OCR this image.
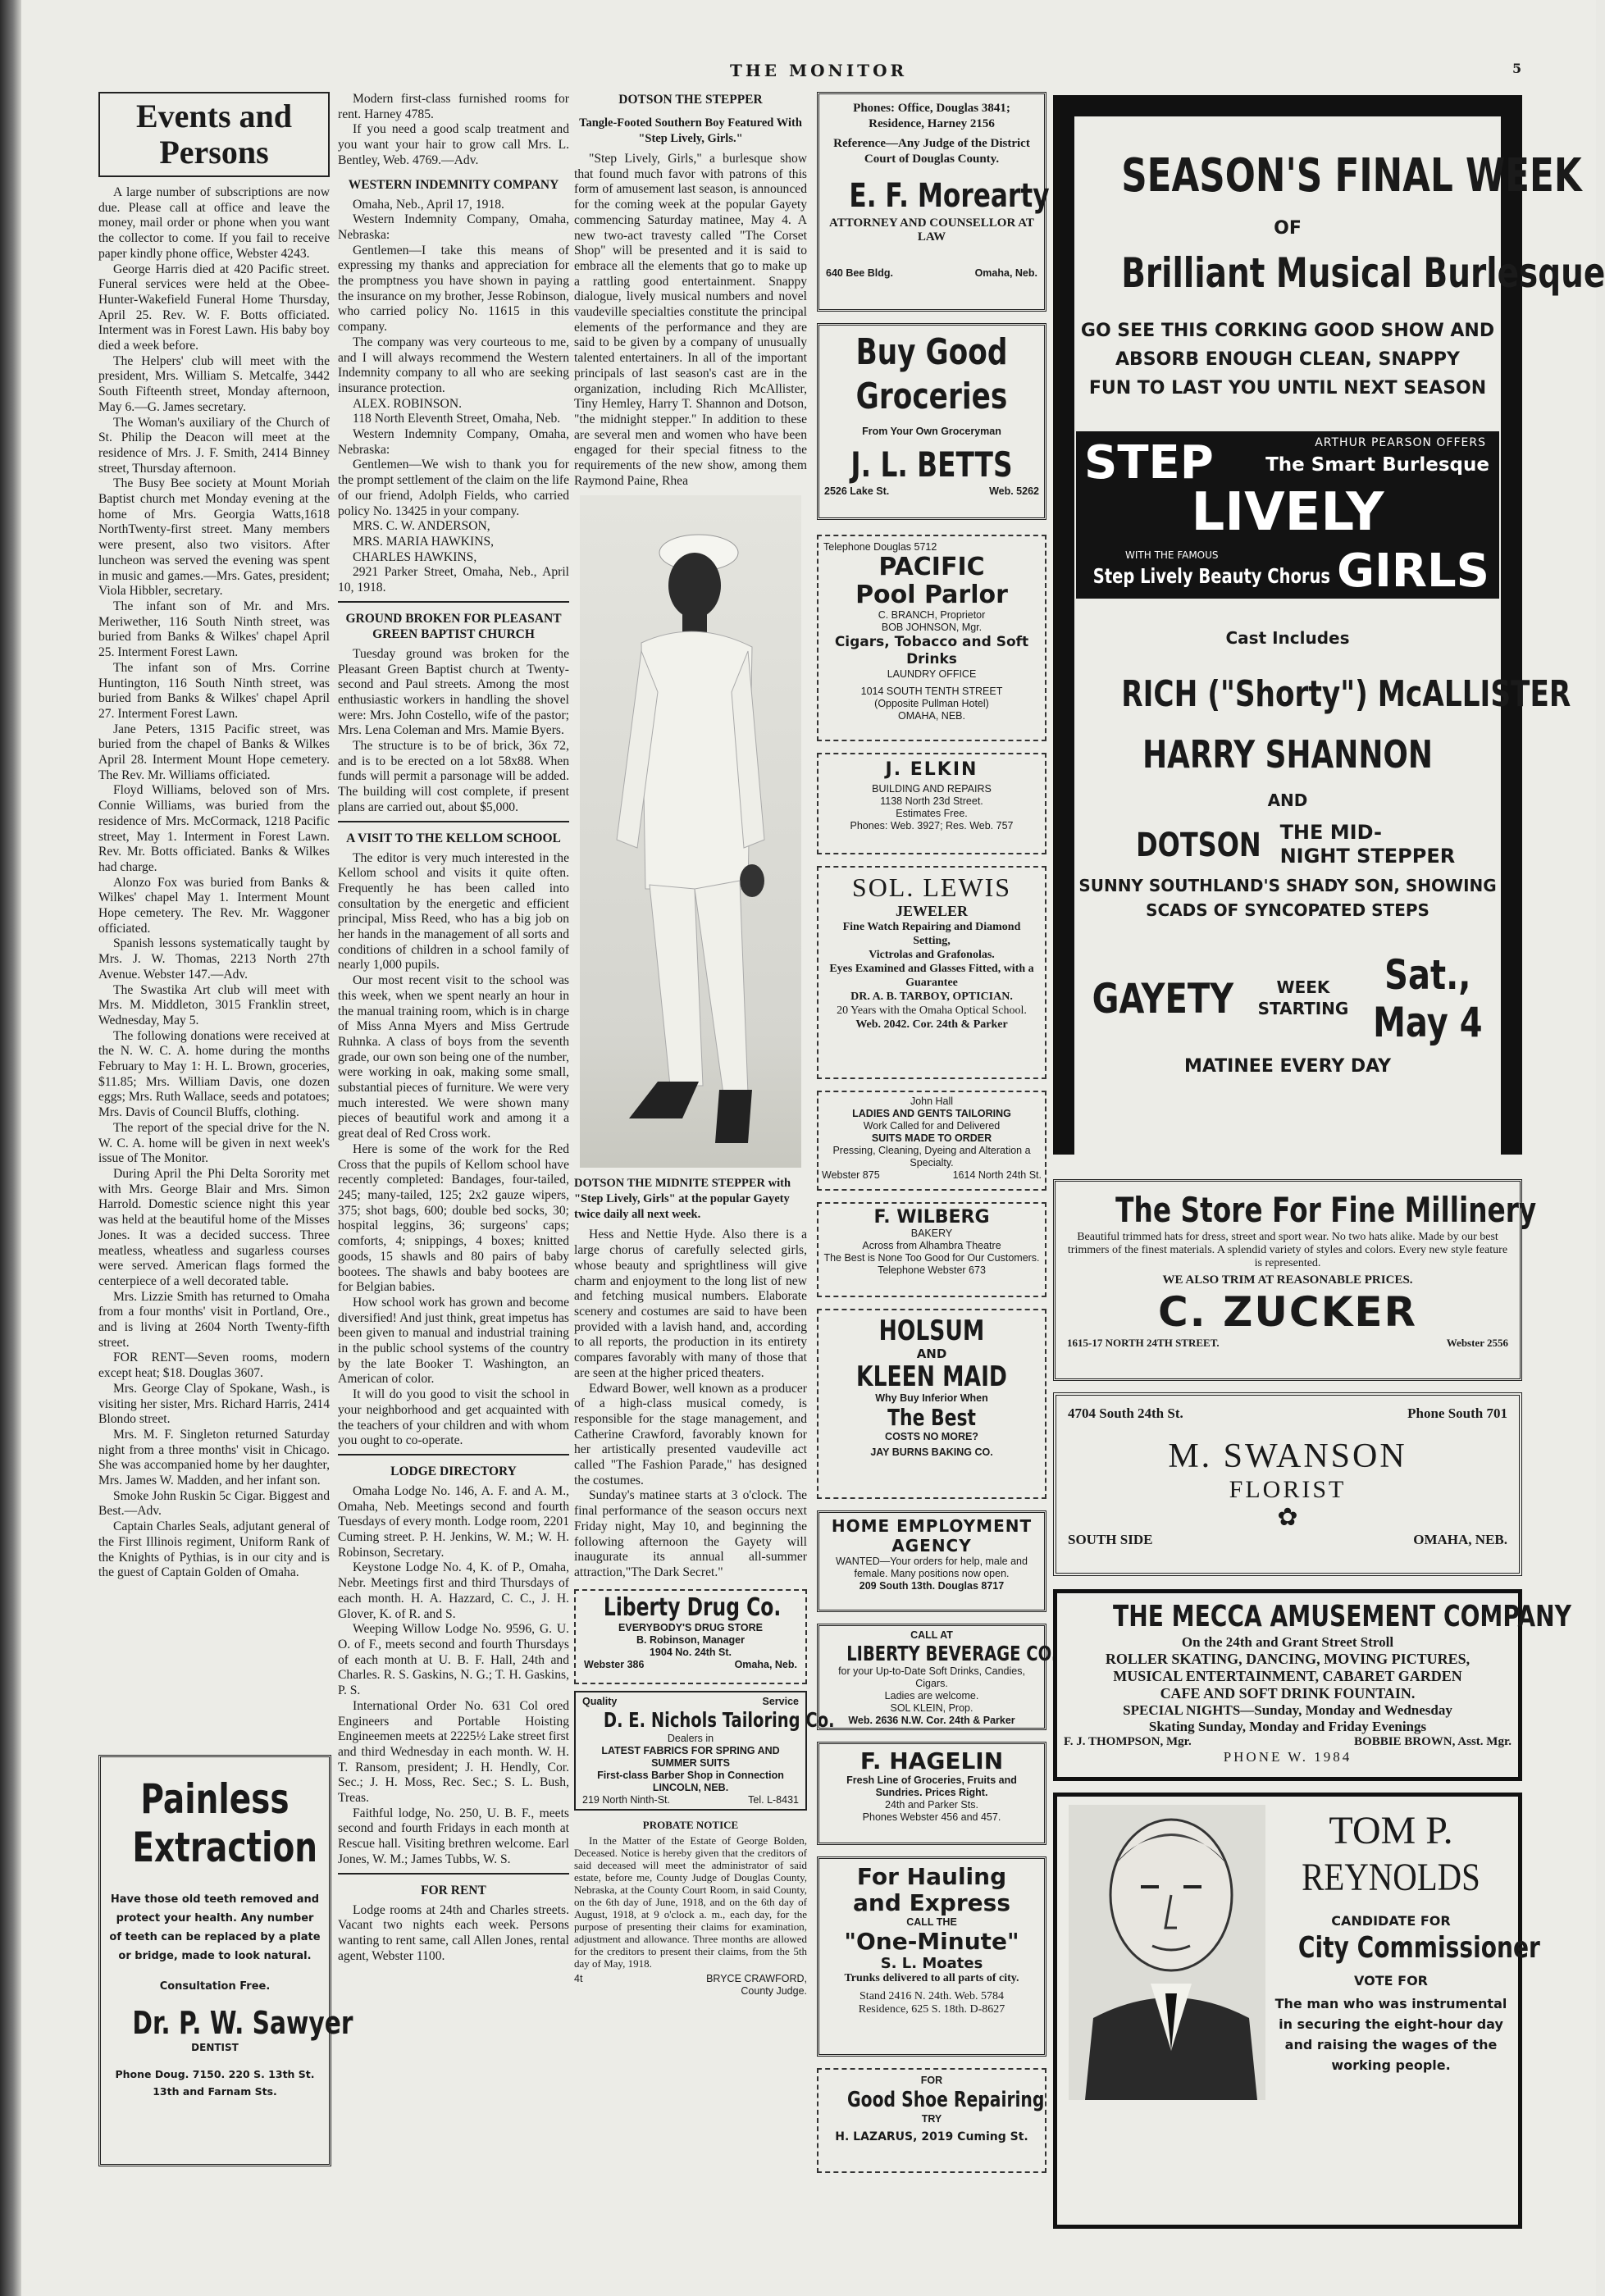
THE MONITOR	5
Events and Persons

A large number of subscriptions are now due. Please call at office and leave the money, mail order or phone when you want the collector to come. If you fail to receive paper kindly phone office, Webster 4243.

George Harris died at 420 Pacific street. Funeral services were held at the Obee-Hunter-Wakefield Funeral Home Thursday, April 25. Rev. W. F. Botts officiated. Interment was in Forest Lawn. His baby boy died a week before.

The Helpers' club will meet with the president, Mrs. William S. Metcalfe, 3442 South Fifteenth street, Monday afternoon, May 6.—G. James secretary.

The Woman's auxiliary of the Church of St. Philip the Deacon will meet at the residence of Mrs. J. F. Smith, 2414 Binney street, Thursday afternoon.

The Busy Bee society at Mount Moriah Baptist church met Monday evening at the home of Mrs. Georgia Watts,1618 NorthTwenty-first street. Many members were present, also two visitors. After luncheon was served the evening was spent in music and games.—Mrs. Gates, president; Viola Hibbler, secretary.

The infant son of Mr. and Mrs. Meriwether, 116 South Ninth street, was buried from Banks & Wilkes' chapel April 25. Interment Forest Lawn.

The infant son of Mrs. Corrine Huntington, 116 South Ninth street, was buried from Banks & Wilkes' chapel April 27. Interment Forest Lawn.

Jane Peters, 1315 Pacific street, was buried from the chapel of Banks & Wilkes April 28. Interment Mount Hope cemetery. The Rev. Mr. Williams officiated.

Floyd Williams, beloved son of Mrs. Connie Williams, was buried from the residence of Mrs. McCormack, 1218 Pacific street, May 1. Interment in Forest Lawn. Rev. Mr. Botts officiated. Banks & Wilkes had charge.

Alonzo Fox was buried from Banks & Wilkes' chapel May 1. Interment Mount Hope cemetery. The Rev. Mr. Waggoner officiated.

Spanish lessons systematically taught by Mrs. J. W. Thomas, 2213 North 27th Avenue. Webster 147.—Adv.

The Swastika Art club will meet with Mrs. M. Middleton, 3015 Franklin street, Wednesday, May 5.

The following donations were received at the N. W. C. A. home during the months February to May 1: H. L. Brown, groceries, $11.85; Mrs. William Davis, one dozen eggs; Mrs. Ruth Wallace, seeds and potatoes; Mrs. Davis of Council Bluffs, clothing.

The report of the special drive for the N. W. C. A. home will be given in next week's issue of The Monitor.

During April the Phi Delta Sorority met with Mrs. George Blair and Mrs. Simon Harrold. Domestic science night this year was held at the beautiful home of the Misses Jones. It was a decided success. Three meatless, wheatless and sugarless courses were served. American flags formed the centerpiece of a well decorated table.

Mrs. Lizzie Smith has returned to Omaha from a four months' visit in Portland, Ore., and is living at 2604 North Twenty-fifth street.

FOR RENT—Seven rooms, modern except heat; $18. Douglas 3607.

Mrs. George Clay of Spokane, Wash., is visiting her sister, Mrs. Richard Harris, 2414 Blondo street.

Mrs. M. F. Singleton returned Saturday night from a three months' visit in Chicago. She was accompanied home by her daughter, Mrs. James W. Madden, and her infant son.

Smoke John Ruskin 5c Cigar. Biggest and Best.—Adv.

Captain Charles Seals, adjutant general of the First Illinois regiment, Uniform Rank of the Knights of Pythias, is in our city and is the guest of Captain Golden of Omaha.

Painless
Extraction
Have those old teeth removed and protect your health. Any number of teeth can be replaced by a plate or bridge, made to look natural.
Consultation Free.
Dr. P. W. Sawyer
DENTIST
Phone Doug. 7150. 220 S. 13th St.
13th and Farnam Sts.

Modern first-class furnished rooms for rent. Harney 4785.

If you need a good scalp treatment and you want your hair to grow call Mrs. L. Bentley, Web. 4769.—Adv.

WESTERN INDEMNITY COMPANY

Omaha, Neb., April 17, 1918.

Western Indemnity Company, Omaha, Nebraska:

Gentlemen—I take this means of expressing my thanks and appreciation for the promptness you have shown in paying the insurance on my brother, Jesse Robinson, who carried policy No. 11615 in this company.

The company was very courteous to me, and I will always recommend the Western Indemnity company to all who are seeking insurance protection.

ALEX. ROBINSON.

118 North Eleventh Street, Omaha, Neb.

Western Indemnity Company, Omaha, Nebraska:

Gentlemen—We wish to thank you for the prompt settlement of the claim on the life of our friend, Adolph Fields, who carried policy No. 13425 in your company.

MRS. C. W. ANDERSON,

MRS. MARIA HAWKINS,

CHARLES HAWKINS,

2921 Parker Street, Omaha, Neb., April 10, 1918.

GROUND BROKEN FOR PLEASANT GREEN BAPTIST CHURCH

Tuesday ground was broken for the Pleasant Green Baptist church at Twenty-second and Paul streets. Among the most enthusiastic workers in handling the shovel were: Mrs. John Costello, wife of the pastor; Mrs. Lena Coleman and Mrs. Mamie Byers.

The structure is to be of brick, 36x 72, and is to be erected on a lot 58x88. When funds will permit a parsonage will be added. The building will cost complete, if present plans are carried out, about $5,000.

A VISIT TO THE KELLOM SCHOOL

The editor is very much interested in the Kellom school and visits it quite often. Frequently he has been called into consultation by the energetic and efficient principal, Miss Reed, who has a big job on her hands in the management of all sorts and conditions of children in a school family of nearly 1,000 pupils.

Our most recent visit to the school was this week, when we spent nearly an hour in the manual training room, which is in charge of Miss Anna Myers and Miss Gertrude Ruhnka. A class of boys from the seventh grade, our own son being one of the number, were working in oak, making some small, substantial pieces of furniture. We were very much interested. We were shown many pieces of beautiful work and among it a great deal of Red Cross work.

Here is some of the work for the Red Cross that the pupils of Kellom school have recently completed: Bandages, four-tailed, 245; many-tailed, 125; 2x2 gauze wipers, 375; shot bags, 600; double bed socks, 30; hospital leggins, 36; surgeons' caps; comforts, 4; snippings, 4 boxes; knitted goods, 15 shawls and 80 pairs of baby bootees. The shawls and baby bootees are for Belgian babies.

How school work has grown and become diversified! And just think, great impetus has been given to manual and industrial training in the public school systems of the country by the late Booker T. Washington, an American of color.

It will do you good to visit the school in your neighborhood and get acquainted with the teachers of your children and with whom you ought to co-operate.

LODGE DIRECTORY

Omaha Lodge No. 146, A. F. and A. M., Omaha, Neb. Meetings second and fourth Tuesdays of every month. Lodge room, 2201 Cuming street. P. H. Jenkins, W. M.; W. H. Robinson, Secretary.

Keystone Lodge No. 4, K. of P., Omaha, Nebr. Meetings first and third Thursdays of each month. H. A. Hazzard, C. C., J. H. Glover, K. of R. and S.

Weeping Willow Lodge No. 9596, G. U. O. of F., meets second and fourth Thursdays of each month at U. B. F. Hall, 24th and Charles. R. S. Gaskins, N. G.; T. H. Gaskins, P. S.

International Order No. 631 Col ored Engineers and Portable Hoisting Engineemen meets at 2225½ Lake street first and third Wednesday in each month. W. H. T. Ransom, president; J. H. Hendly, Cor. Sec.; J. H. Moss, Rec. Sec.; S. L. Bush, Treas.

Faithful lodge, No. 250, U. B. F., meets second and fourth Fridays in each month at Rescue hall. Visiting brethren welcome. Earl Jones, W. M.; James Tubbs, W. S.

FOR RENT

Lodge rooms at 24th and Charles streets. Vacant two nights each week. Persons wanting to rent same, call Allen Jones, rental agent, Webster 1100.

DOTSON THE STEPPER
Tangle-Footed Southern Boy Featured With "Step Lively, Girls."

"Step Lively, Girls," a burlesque show that found much favor with patrons of this form of amusement last season, is announced for the coming week at the popular Gayety commencing Saturday matinee, May 4. A new two-act travesty called "The Corset Shop" will be presented and it is said to embrace all the elements that go to make up a rattling good entertainment. Snappy dialogue, lively musical numbers and novel vaudeville specialties constitute the principal elements of the performance and they are said to be given by a company of unusually talented entertainers. In all of the important principals of last season's cast are in the organization, including Rich McAllister, Tiny Hemley, Harry T. Shannon and Dotson, "the midnight stepper." In addition to these are several men and women who have been engaged for their special fitness to the requirements of the new show, among them Raymond Paine, Rhea

DOTSON THE MIDNITE STEPPER with "Step Lively, Girls" at the popular Gayety twice daily all next week.

Hess and Nettie Hyde. Also there is a large chorus of carefully selected girls, whose beauty and sprightliness will give charm and enjoyment to the long list of new and fetching musical numbers. Elaborate scenery and costumes are said to have been provided with a lavish hand, and, according to all reports, the production in its entirety compares favorably with many of those that are seen at the higher priced theaters.

Edward Bower, well known as a producer of a high-class musical comedy, is responsible for the stage management, and Catherine Crawford, favorably known for her artistically presented vaudeville act called "The Fashion Parade," has designed the costumes.

Sunday's matinee starts at 3 o'clock. The final performance of the season occurs next Friday night, May 10, and beginning the following afternoon the Gayety will inaugurate its annual all-summer attraction,"The Dark Secret."

Liberty Drug Co.
EVERYBODY'S DRUG STORE
B. Robinson, Manager
1904 No. 24th St.
Webster 386	Omaha, Neb.
Quality	Service
D. E. Nichols Tailoring Co.
Dealers in
LATEST FABRICS FOR SPRING AND SUMMER SUITS
First-class Barber Shop in Connection
LINCOLN, NEB.
219 North Ninth-St.	Tel. L-8431
PROBATE NOTICE

In the Matter of the Estate of George Bolden, Deceased. Notice is hereby given that the creditors of said deceased will meet the administrator of said estate, before me, County Judge of Douglas County, Nebraska, at the County Court Room, in said County, on the 6th day of June, 1918, and on the 6th day of August, 1918, at 9 o'clock a. m., each day, for the purpose of presenting their claims for examination, adjustment and allowance. Three months are allowed for the creditors to present their claims, from the 5th day of May, 1918.

4t	BRYCE CRAWFORD,
County Judge.
Phones: Office, Douglas 3841; Residence, Harney 2156
Reference—Any Judge of the District Court of Douglas County.
E. F. Morearty
ATTORNEY AND COUNSELLOR AT LAW
640 Bee Bldg.	Omaha, Neb.
Buy Good
Groceries
From Your Own Groceryman
J. L. BETTS
2526 Lake St.	Web. 5262
Telephone Douglas 5712
PACIFIC
Pool Parlor
C. BRANCH, Proprietor
BOB JOHNSON, Mgr.
Cigars, Tobacco and Soft Drinks
LAUNDRY OFFICE
1014 SOUTH TENTH STREET
(Opposite Pullman Hotel)
OMAHA, NEB.
J. ELKIN
BUILDING AND REPAIRS
1138 North 23d Street.
Estimates Free.
Phones: Web. 3927; Res. Web. 757
SOL. LEWIS
JEWELER
Fine Watch Repairing and Diamond Setting,
Victrolas and Grafonolas.
Eyes Examined and Glasses Fitted, with a Guarantee
DR. A. B. TARBOY, OPTICIAN.
20 Years with the Omaha Optical School.
Web. 2042. Cor. 24th & Parker
John Hall
LADIES AND GENTS TAILORING
Work Called for and Delivered
SUITS MADE TO ORDER
Pressing, Cleaning, Dyeing and Alteration a Specialty.
Webster 875	1614 North 24th St.
F. WILBERG
BAKERY
Across from Alhambra Theatre
The Best is None Too Good for Our Customers.
Telephone Webster 673
HOLSUM
AND
KLEEN MAID
Why Buy Inferior When
The Best
COSTS NO MORE?
JAY BURNS BAKING CO.
HOME EMPLOYMENT
AGENCY
WANTED—Your orders for help, male and female. Many positions now open.
209 South 13th. Douglas 8717
CALL AT
LIBERTY BEVERAGE CO.
for your Up-to-Date Soft Drinks, Candies, Cigars.
Ladies are welcome.
SOL KLEIN, Prop.
Web. 2636 N.W. Cor. 24th & Parker
F. HAGELIN
Fresh Line of Groceries, Fruits and Sundries. Prices Right.
24th and Parker Sts.
Phones Webster 456 and 457.
For Hauling
and Express
CALL THE
"One-Minute"
S. L. Moates
Trunks delivered to all parts of city.
Stand 2416 N. 24th. Web. 5784
Residence, 625 S. 18th. D-8627
FOR
Good Shoe Repairing
TRY
H. LAZARUS, 2019 Cuming St.
SEASON'S FINAL WEEK
OF
Brilliant Musical Burlesque
GO SEE THIS CORKING GOOD SHOW AND
ABSORB ENOUGH CLEAN, SNAPPY
FUN TO LAST YOU UNTIL NEXT SEASON
STEP	ARTHUR PEARSON OFFERS
The Smart Burlesque
LIVELY
WITH THE FAMOUS
Step Lively Beauty Chorus GIRLS
Cast Includes
RICH ("Shorty") McALLISTER
HARRY SHANNON
AND
DOTSON THE MID-
NIGHT STEPPER
SUNNY SOUTHLAND'S SHADY SON, SHOWING
SCADS OF SYNCOPATED STEPS
GAYETY	WEEK
STARTING
Sat., May 4
MATINEE EVERY DAY
The Store For Fine Millinery
Beautiful trimmed hats for dress, street and sport wear. No two hats alike. Made by our best trimmers of the finest materials. A splendid variety of styles and colors. Every new style feature is represented.
WE ALSO TRIM AT REASONABLE PRICES.
C. ZUCKER
1615-17 NORTH 24TH STREET.	Webster 2556
4704 South 24th St.	Phone South 701
M. SWANSON
FLORIST
✿
SOUTH SIDE	OMAHA, NEB.
THE MECCA AMUSEMENT COMPANY
On the 24th and Grant Street Stroll
ROLLER SKATING, DANCING, MOVING PICTURES,
MUSICAL ENTERTAINMENT, CABARET GARDEN
CAFE AND SOFT DRINK FOUNTAIN.
SPECIAL NIGHTS—Sunday, Monday and Wednesday
Skating Sunday, Monday and Friday Evenings
F. J. THOMPSON, Mgr.	BOBBIE BROWN, Asst. Mgr.
PHONE W. 1984
TOM P.
REYNOLDS
CANDIDATE FOR
City Commissioner
VOTE FOR
The man who was instrumental in securing the eight-hour day and raising the wages of the working people.
